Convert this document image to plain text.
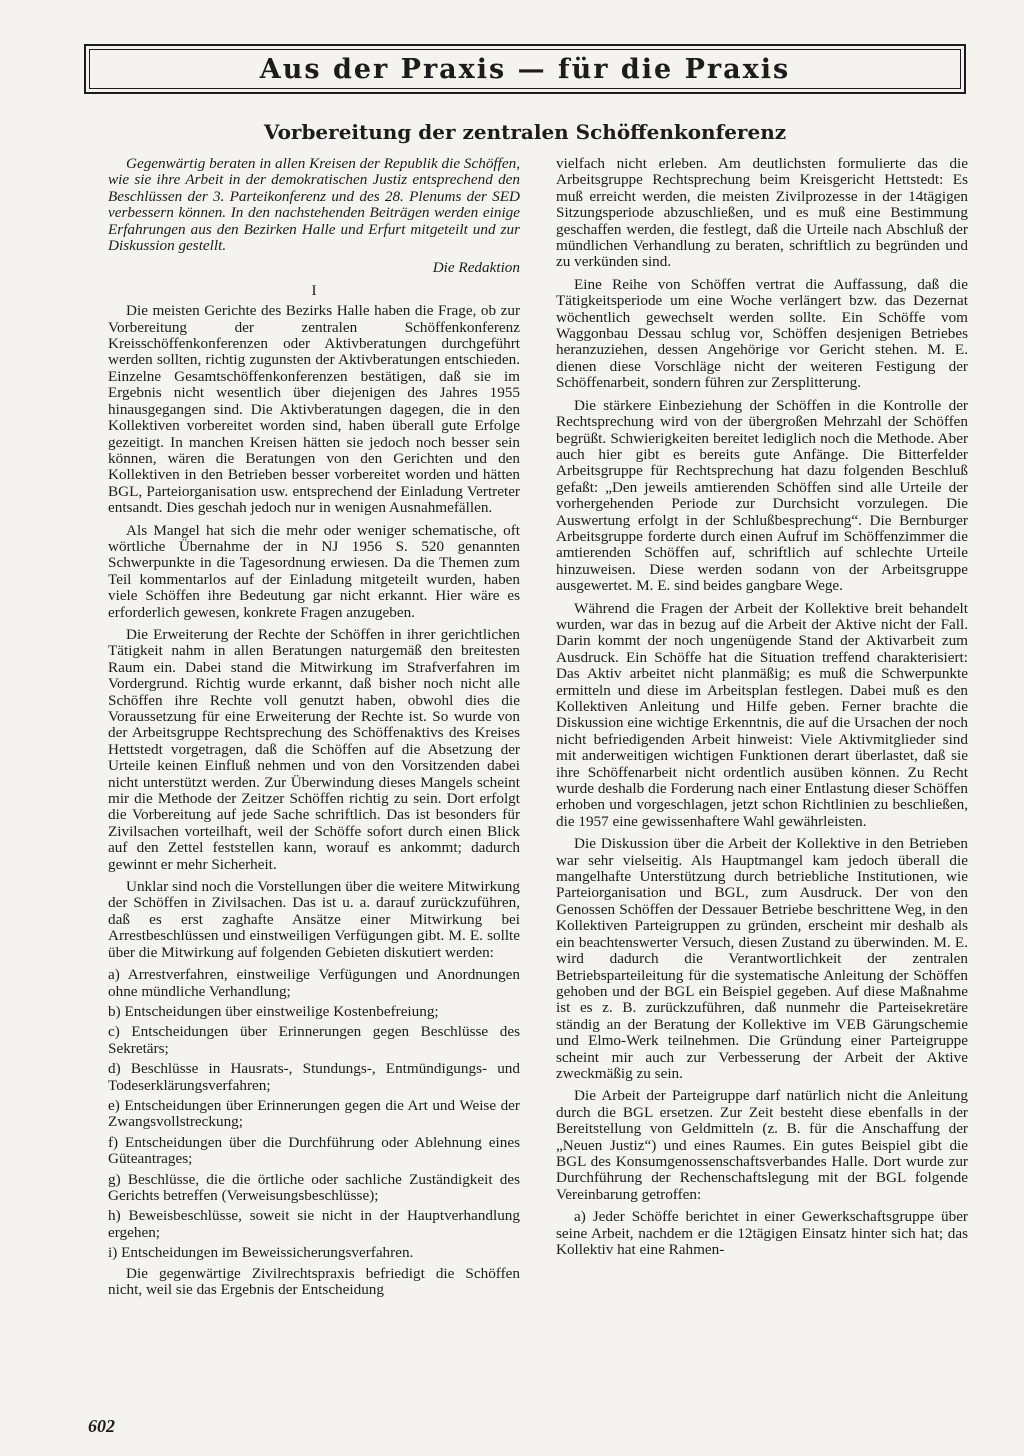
Aus der Praxis — für die Praxis
Vorbereitung der zentralen Schöffenkonferenz

Gegenwärtig beraten in allen Kreisen der Republik die Schöffen, wie sie ihre Arbeit in der demokratischen Justiz entsprechend den Beschlüssen der 3. Parteikonferenz und des 28. Plenums der SED verbessern können. In den nachstehenden Beiträgen werden einige Erfahrungen aus den Bezirken Halle und Erfurt mitgeteilt und zur Diskussion gestellt.

Die Redaktion

I

Die meisten Gerichte des Bezirks Halle haben die Frage, ob zur Vorbereitung der zentralen Schöffenkonferenz Kreisschöffenkonferenzen oder Aktivberatungen durchgeführt werden sollten, richtig zugunsten der Aktivberatungen entschieden. Einzelne Gesamtschöffenkonferenzen bestätigen, daß sie im Ergebnis nicht wesentlich über diejenigen des Jahres 1955 hinausgegangen sind. Die Aktivberatungen dagegen, die in den Kollektiven vorbereitet worden sind, haben überall gute Erfolge gezeitigt. In manchen Kreisen hätten sie jedoch noch besser sein können, wären die Beratungen von den Gerichten und den Kollektiven in den Betrieben besser vorbereitet worden und hätten BGL, Parteiorganisation usw. entsprechend der Einladung Vertreter entsandt. Dies geschah jedoch nur in wenigen Ausnahmefällen.

Als Mangel hat sich die mehr oder weniger schematische, oft wörtliche Übernahme der in NJ 1956 S. 520 genannten Schwerpunkte in die Tagesordnung erwiesen. Da die Themen zum Teil kommentarlos auf der Einladung mitgeteilt wurden, haben viele Schöffen ihre Bedeutung gar nicht erkannt. Hier wäre es erforderlich gewesen, konkrete Fragen anzugeben.

Die Erweiterung der Rechte der Schöffen in ihrer gerichtlichen Tätigkeit nahm in allen Beratungen naturgemäß den breitesten Raum ein. Dabei stand die Mitwirkung im Strafverfahren im Vordergrund. Richtig wurde erkannt, daß bisher noch nicht alle Schöffen ihre Rechte voll genutzt haben, obwohl dies die Voraussetzung für eine Erweiterung der Rechte ist. So wurde von der Arbeitsgruppe Rechtsprechung des Schöffenaktivs des Kreises Hettstedt vorgetragen, daß die Schöffen auf die Absetzung der Urteile keinen Einfluß nehmen und von den Vorsitzenden dabei nicht unterstützt werden. Zur Überwindung dieses Mangels scheint mir die Methode der Zeitzer Schöffen richtig zu sein. Dort erfolgt die Vorbereitung auf jede Sache schriftlich. Das ist besonders für Zivilsachen vorteilhaft, weil der Schöffe sofort durch einen Blick auf den Zettel feststellen kann, worauf es ankommt; dadurch gewinnt er mehr Sicherheit.

Unklar sind noch die Vorstellungen über die weitere Mitwirkung der Schöffen in Zivilsachen. Das ist u. a. darauf zurückzuführen, daß es erst zaghafte Ansätze einer Mitwirkung bei Arrestbeschlüssen und einstweiligen Verfügungen gibt. M. E. sollte über die Mitwirkung auf folgenden Gebieten diskutiert werden:

a) Arrestverfahren, einstweilige Verfügungen und Anordnungen ohne mündliche Verhandlung;

b) Entscheidungen über einstweilige Kostenbefreiung;

c) Entscheidungen über Erinnerungen gegen Beschlüsse des Sekretärs;

d) Beschlüsse in Hausrats-, Stundungs-, Entmündigungs- und Todeserklärungsverfahren;

e) Entscheidungen über Erinnerungen gegen die Art und Weise der Zwangsvollstreckung;

f) Entscheidungen über die Durchführung oder Ablehnung eines Güteantrages;

g) Beschlüsse, die die örtliche oder sachliche Zuständigkeit des Gerichts betreffen (Verweisungsbeschlüsse);

h) Beweisbeschlüsse, soweit sie nicht in der Hauptverhandlung ergehen;

i) Entscheidungen im Beweissicherungsverfahren.

Die gegenwärtige Zivilrechtspraxis befriedigt die Schöffen nicht, weil sie das Ergebnis der Entscheidung

vielfach nicht erleben. Am deutlichsten formulierte das die Arbeitsgruppe Rechtsprechung beim Kreisgericht Hettstedt: Es muß erreicht werden, die meisten Zivilprozesse in der 14tägigen Sitzungsperiode abzuschließen, und es muß eine Bestimmung geschaffen werden, die festlegt, daß die Urteile nach Abschluß der mündlichen Verhandlung zu beraten, schriftlich zu begründen und zu verkünden sind.

Eine Reihe von Schöffen vertrat die Auffassung, daß die Tätigkeitsperiode um eine Woche verlängert bzw. das Dezernat wöchentlich gewechselt werden sollte. Ein Schöffe vom Waggonbau Dessau schlug vor, Schöffen desjenigen Betriebes heranzuziehen, dessen Angehörige vor Gericht stehen. M. E. dienen diese Vorschläge nicht der weiteren Festigung der Schöffenarbeit, sondern führen zur Zersplitterung.

Die stärkere Einbeziehung der Schöffen in die Kontrolle der Rechtsprechung wird von der übergroßen Mehrzahl der Schöffen begrüßt. Schwierigkeiten bereitet lediglich noch die Methode. Aber auch hier gibt es bereits gute Anfänge. Die Bitterfelder Arbeitsgruppe für Rechtsprechung hat dazu folgenden Beschluß gefaßt: „Den jeweils amtierenden Schöffen sind alle Urteile der vorhergehenden Periode zur Durchsicht vorzulegen. Die Auswertung erfolgt in der Schlußbesprechung“. Die Bernburger Arbeitsgruppe forderte durch einen Aufruf im Schöffenzimmer die amtierenden Schöffen auf, schriftlich auf schlechte Urteile hinzuweisen. Diese werden sodann von der Arbeitsgruppe ausgewertet. M. E. sind beides gangbare Wege.

Während die Fragen der Arbeit der Kollektive breit behandelt wurden, war das in bezug auf die Arbeit der Aktive nicht der Fall. Darin kommt der noch ungenügende Stand der Aktivarbeit zum Ausdruck. Ein Schöffe hat die Situation treffend charakterisiert: Das Aktiv arbeitet nicht planmäßig; es muß die Schwerpunkte ermitteln und diese im Arbeitsplan festlegen. Dabei muß es den Kollektiven Anleitung und Hilfe geben. Ferner brachte die Diskussion eine wichtige Erkenntnis, die auf die Ursachen der noch nicht befriedigenden Arbeit hinweist: Viele Aktivmitglieder sind mit anderweitigen wichtigen Funktionen derart überlastet, daß sie ihre Schöffenarbeit nicht ordentlich ausüben können. Zu Recht wurde deshalb die Forderung nach einer Entlastung dieser Schöffen erhoben und vorgeschlagen, jetzt schon Richtlinien zu beschließen, die 1957 eine gewissenhaftere Wahl gewährleisten.

Die Diskussion über die Arbeit der Kollektive in den Betrieben war sehr vielseitig. Als Hauptmangel kam jedoch überall die mangelhafte Unterstützung durch betriebliche Institutionen, wie Parteiorganisation und BGL, zum Ausdruck. Der von den Genossen Schöffen der Dessauer Betriebe beschrittene Weg, in den Kollektiven Parteigruppen zu gründen, erscheint mir deshalb als ein beachtenswerter Versuch, diesen Zustand zu überwinden. M. E. wird dadurch die Verantwortlichkeit der zentralen Betriebsparteileitung für die systematische Anleitung der Schöffen gehoben und der BGL ein Beispiel gegeben. Auf diese Maßnahme ist es z. B. zurückzuführen, daß nunmehr die Parteisekretäre ständig an der Beratung der Kollektive im VEB Gärungschemie und Elmo-Werk teilnehmen. Die Gründung einer Parteigruppe scheint mir auch zur Verbesserung der Arbeit der Aktive zweckmäßig zu sein.

Die Arbeit der Parteigruppe darf natürlich nicht die Anleitung durch die BGL ersetzen. Zur Zeit besteht diese ebenfalls in der Bereitstellung von Geldmitteln (z. B. für die Anschaffung der „Neuen Justiz“) und eines Raumes. Ein gutes Beispiel gibt die BGL des Konsumgenossenschaftsverbandes Halle. Dort wurde zur Durchführung der Rechenschaftslegung mit der BGL folgende Vereinbarung getroffen:

a) Jeder Schöffe berichtet in einer Gewerkschaftsgruppe über seine Arbeit, nachdem er die 12tägigen Einsatz hinter sich hat; das Kollektiv hat eine Rahmen-

602
